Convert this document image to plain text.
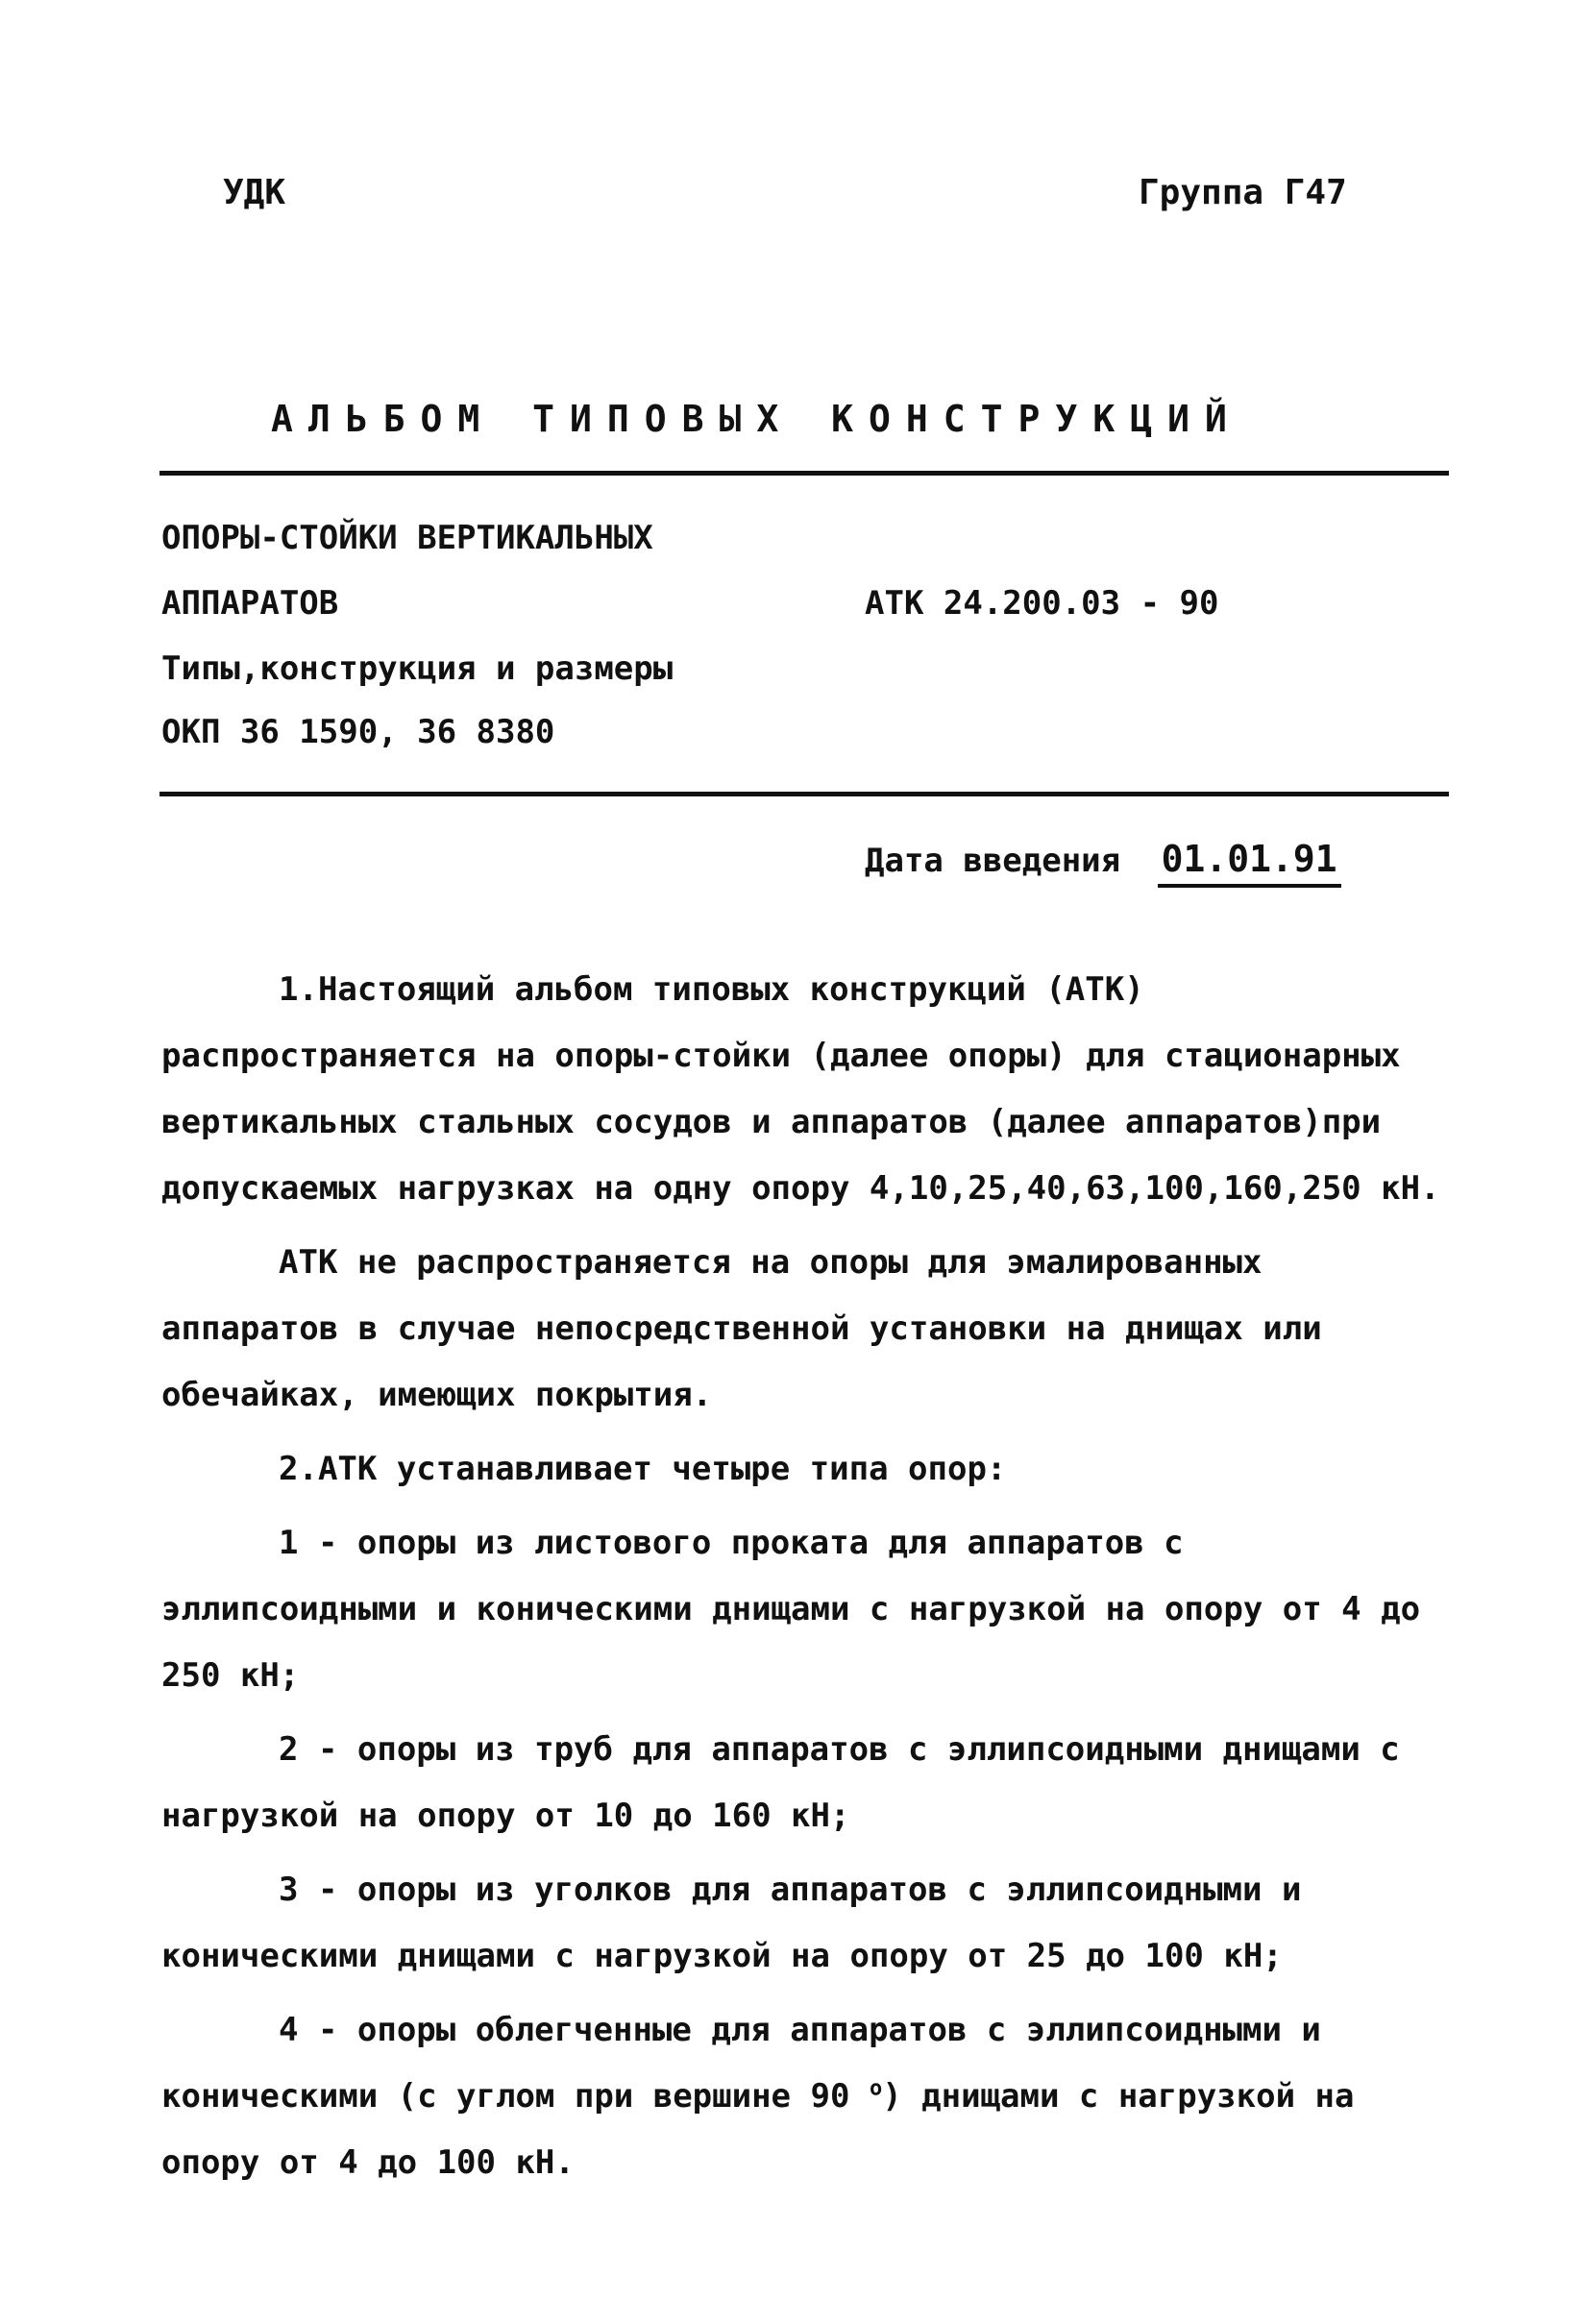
УДК	Группа Г47
АЛЬБОМ ТИПОВЫХ КОНСТРУКЦИЙ
ОПОРЫ-СТОЙКИ ВЕРТИКАЛЬНЫХ
АППАРАТОВ	АТК 24.200.03 - 90
Типы,конструкция и размеры
ОКП 36 1590, 36 8380
Дата введения 01.01.91

1.Настоящий альбом типовых конструкций (АТК) распространяется на опоры-стойки (далее опоры) для стационарных вертикальных стальных сосудов и аппаратов (далее аппаратов)при допускаемых нагрузках на одну опору 4,10,25,40,63,100,160,250 кН.

АТК не распространяется на опоры для эмалированных аппаратов в случае непосредственной установки на днищах или обечайках, имеющих покрытия.

2.АТК устанавливает четыре типа опор:

1 - опоры из листового проката для аппаратов с эллипсоидными и коническими днищами с нагрузкой на опору от 4 до 250 кН;

2 - опоры из труб для аппаратов с эллипсоидными днищами с нагрузкой на опору от 10 до 160 кН;

3 - опоры из уголков для аппаратов с эллипсоидными и коническими днищами с нагрузкой на опору от 25 до 100 кН;

4 - опоры облегченные для аппаратов с эллипсоидными и коническими (с углом при вершине 90 $^o$) днищами с нагрузкой на опору от 4 до 100 кН.
